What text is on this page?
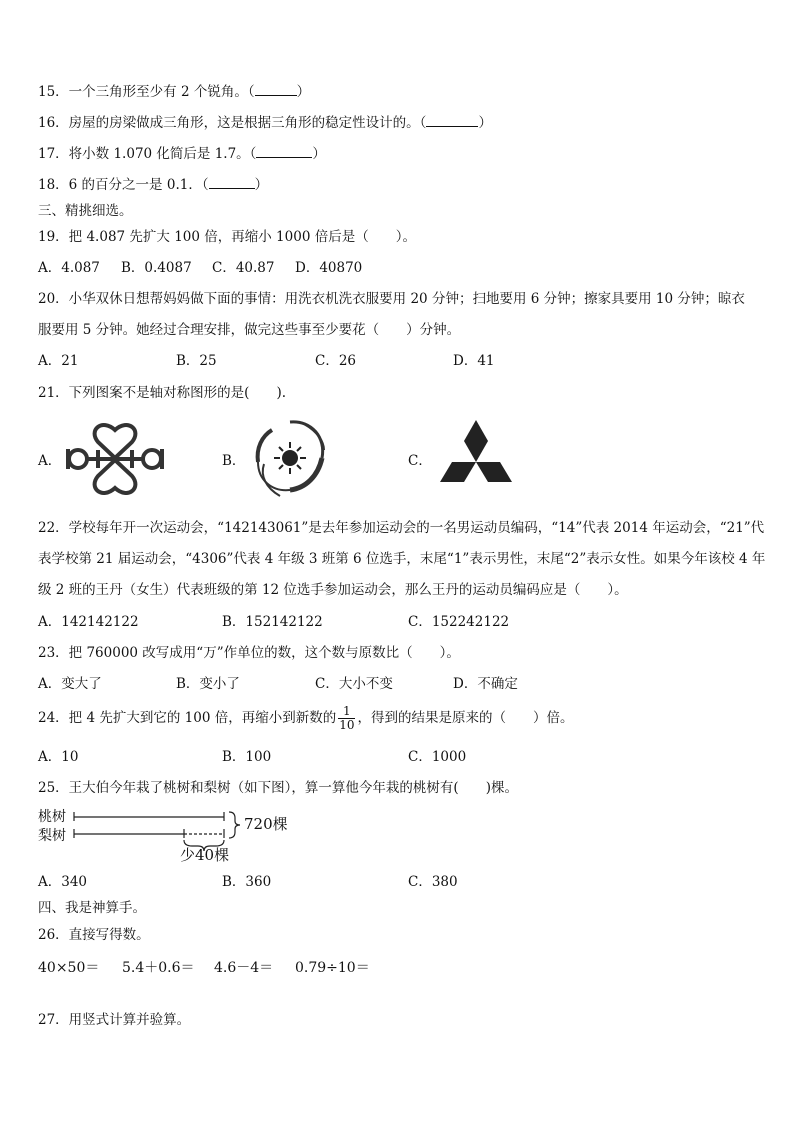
15．一个三角形至少有 2 个锐角。（	）
16．房屋的房梁做成三角形，这是根据三角形的稳定性设计的。（	）
17．将小数 1.070 化简后是 1.7。（	）
18．6 的百分之一是 0.1．（	）
三、精挑细选。
19．把 4.087 先扩大 100 倍，再缩小 1000 倍后是（　　）。
A．4.087 B．0.4087 C．40.87 D．40870
20．小华双休日想帮妈妈做下面的事情：用洗衣机洗衣服要用 20 分钟；扫地要用 6 分钟；擦家具要用 10 分钟；晾衣
服要用 5 分钟。她经过合理安排，做完这些事至少要花（　　）分钟。
A．21	B．25	C．26	D．41
21．下列图案不是轴对称图形的是(　　).
A．	B．	C．
22．学校每年开一次运动会，“142143061”是去年参加运动会的一名男运动员编码，“14”代表 2014 年运动会，“21”代
表学校第 21 届运动会，“4306”代表 4 年级 3 班第 6 位选手，末尾“1”表示男性，末尾“2”表示女性。如果今年该校 4 年
级 2 班的王丹（女生）代表班级的第 12 位选手参加运动会，那么王丹的运动员编码应是（　　）。
A．142142122	B．152142122	C．152242122
23．把 760000 改写成用“万”作单位的数，这个数与原数比（　　）。
A．变大了	B．变小了	C．大小不变	D．不确定
24．把 4 先扩大到它的 100 倍，再缩小到新数的 $\frac{1}{10}$ ，得到的结果是原来的（　　）倍。
A．10	B．100	C．1000
25．王大伯今年栽了桃树和梨树（如下图），算一算他今年栽的桃树有(　　)棵。
桃树
梨树
720棵
少40棵
A．340	B．360	C．380
四、我是神算手。
26．直接写得数。
40×50＝ 5.4＋0.6＝ 4.6－4＝ 0.79÷10＝
27．用竖式计算并验算。
